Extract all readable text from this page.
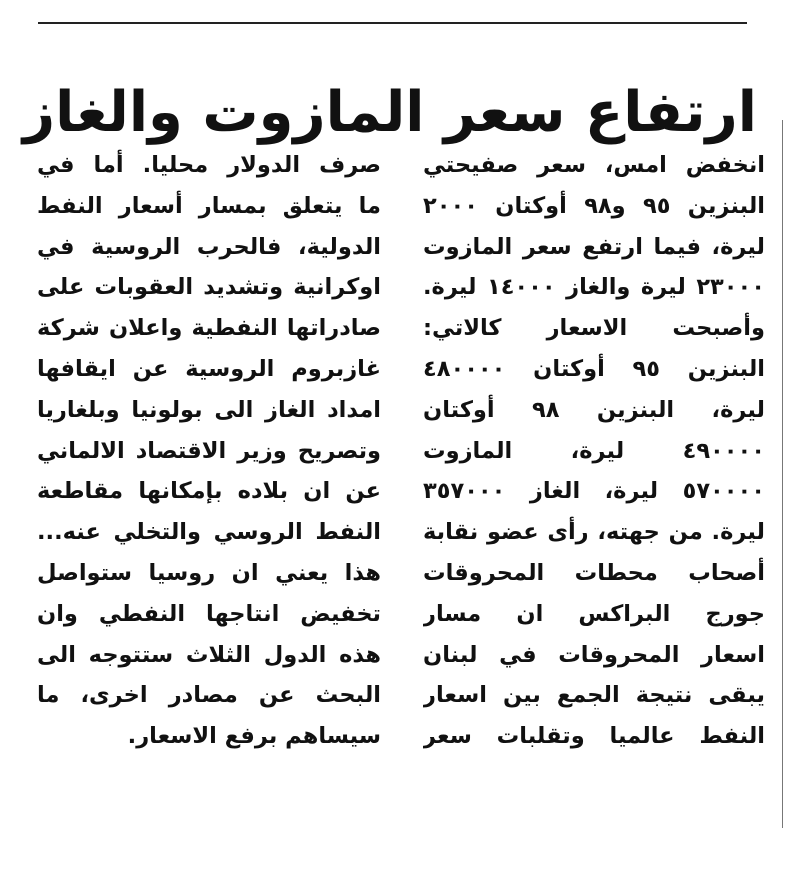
ارتفاع سعر المازوت والغاز
انخفض امس، سعر صفيحتي
البنزين ٩٥ و٩٨ أوكتان ٢٠٠٠
ليرة، فيما ارتفع سعر المازوت
٢٣٠٠٠ ليرة والغاز ١٤٠٠٠ ليرة.
وأصبحت الاسعار كالاتي:
البنزين ٩٥ أوكتان ٤٨٠٠٠٠
ليرة، البنزين ٩٨ أوكتان
٤٩٠٠٠٠ ليرة، المازوت
٥٧٠٠٠٠ ليرة، الغاز ٣٥٧٠٠٠
ليرة. من جهته، رأى عضو نقابة
أصحاب محطات المحروقات
جورج البراكس ان مسار
اسعار المحروقات في لبنان
يبقى نتيجة الجمع بين اسعار
النفط عالميا وتقلبات سعر
صرف الدولار محليا. أما في
ما يتعلق بمسار أسعار النفط
الدولية، فالحرب الروسية في
اوكرانية وتشديد العقوبات على
صادراتها النفطية واعلان شركة
غازبروم الروسية عن ايقافها
امداد الغاز الى بولونيا وبلغاريا
وتصريح وزير الاقتصاد الالماني
عن ان بلاده بإمكانها مقاطعة
النفط الروسي والتخلي عنه...
هذا يعني ان روسيا ستواصل
تخفيض انتاجها النفطي وان
هذه الدول الثلاث ستتوجه الى
البحث عن مصادر اخرى، ما
سيساهم برفع الاسعار.
